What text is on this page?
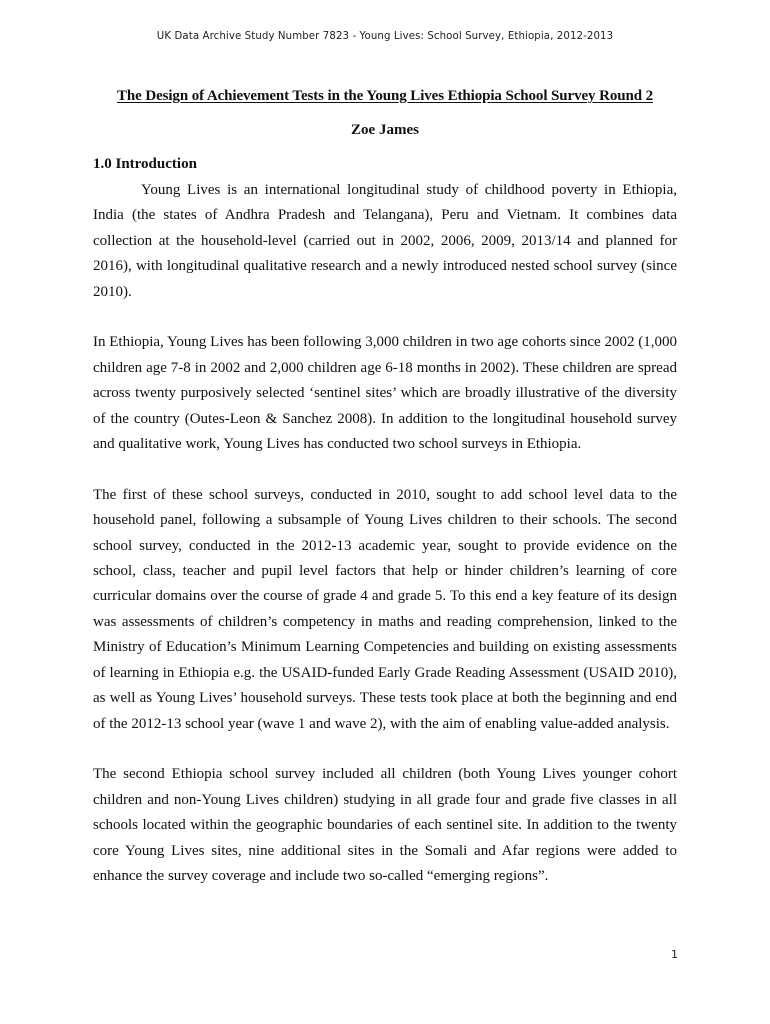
UK Data Archive Study Number 7823 - Young Lives: School Survey, Ethiopia, 2012-2013
The Design of Achievement Tests in the Young Lives Ethiopia School Survey Round 2

Zoe James

1.0 Introduction

Young Lives is an international longitudinal study of childhood poverty in Ethiopia, India (the states of Andhra Pradesh and Telangana), Peru and Vietnam. It combines data collection at the household-level (carried out in 2002, 2006, 2009, 2013/14 and planned for 2016), with longitudinal qualitative research and a newly introduced nested school survey (since 2010).

In Ethiopia, Young Lives has been following 3,000 children in two age cohorts since 2002 (1,000 children age 7-8 in 2002 and 2,000 children age 6-18 months in 2002). These children are spread across twenty purposively selected ‘sentinel sites’ which are broadly illustrative of the diversity of the country (Outes-Leon & Sanchez 2008). In addition to the longitudinal household survey and qualitative work, Young Lives has conducted two school surveys in Ethiopia.

The first of these school surveys, conducted in 2010, sought to add school level data to the household panel, following a subsample of Young Lives children to their schools. The second school survey, conducted in the 2012-13 academic year, sought to provide evidence on the school, class, teacher and pupil level factors that help or hinder children’s learning of core curricular domains over the course of grade 4 and grade 5. To this end a key feature of its design was assessments of children’s competency in maths and reading comprehension, linked to the Ministry of Education’s Minimum Learning Competencies and building on existing assessments of learning in Ethiopia e.g. the USAID-funded Early Grade Reading Assessment (USAID 2010), as well as Young Lives’ household surveys. These tests took place at both the beginning and end of the 2012-13 school year (wave 1 and wave 2), with the aim of enabling value-added analysis.

The second Ethiopia school survey included all children (both Young Lives younger cohort children and non-Young Lives children) studying in all grade four and grade five classes in all schools located within the geographic boundaries of each sentinel site. In addition to the twenty core Young Lives sites, nine additional sites in the Somali and Afar regions were added to enhance the survey coverage and include two so-called “emerging regions”.

1
